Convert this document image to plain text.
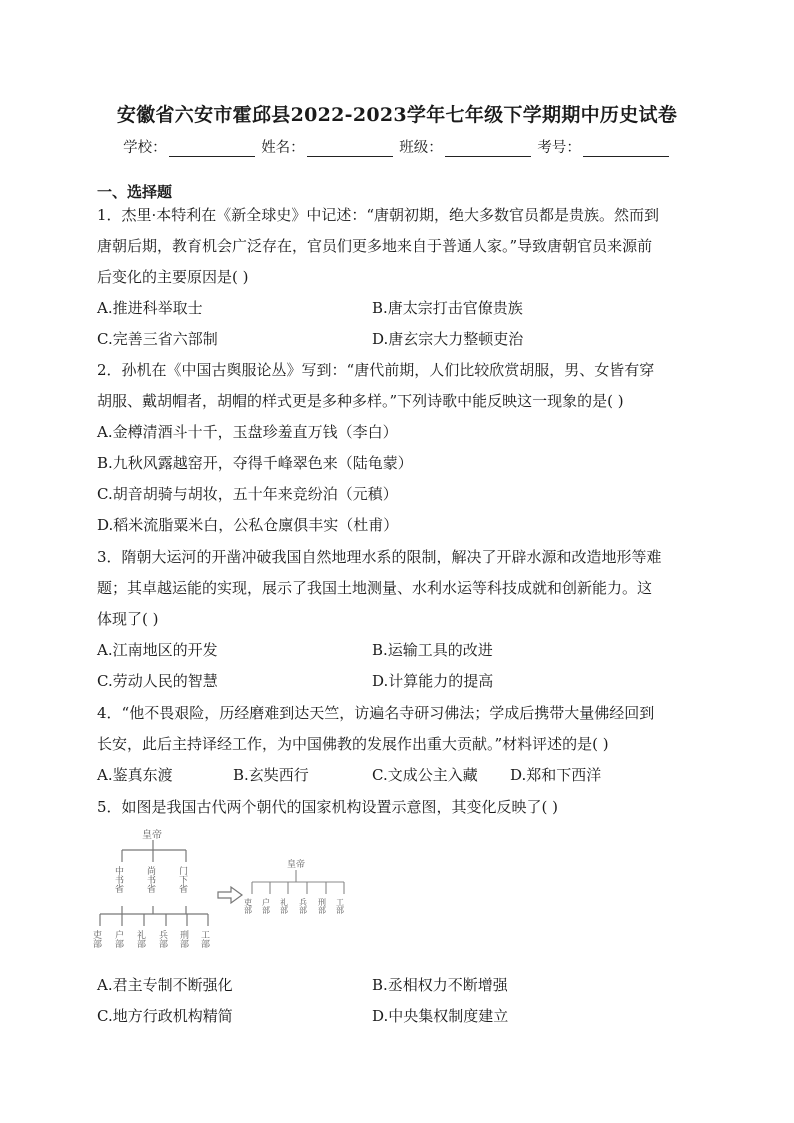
安徽省六安市霍邱县2022-2023学年七年级下学期期中历史试卷
学校：	姓名：	班级：	考号：
一、选择题
1．杰里·本特利在《新全球史》中记述：“唐朝初期，绝大多数官员都是贵族。然而到
唐朝后期，教育机会广泛存在，官员们更多地来自于普通人家。”导致唐朝官员来源前
后变化的主要原因是( )
A.推进科举取士	B.唐太宗打击官僚贵族
C.完善三省六部制	D.唐玄宗大力整顿吏治
2．孙机在《中国古舆服论丛》写到：“唐代前期，人们比较欣赏胡服，男、女皆有穿
胡服、戴胡帽者，胡帽的样式更是多种多样。”下列诗歌中能反映这一现象的是( )
A.金樽清酒斗十千，玉盘珍羞直万钱（李白）
B.九秋风露越窑开，夺得千峰翠色来（陆龟蒙）
C.胡音胡骑与胡妆，五十年来竞纷泊（元稹）
D.稻米流脂粟米白，公私仓廪俱丰实（杜甫）
3．隋朝大运河的开凿冲破我国自然地理水系的限制，解决了开辟水源和改造地形等难
题；其卓越运能的实现，展示了我国土地测量、水利水运等科技成就和创新能力。这
体现了( )
A.江南地区的开发	B.运输工具的改进
C.劳动人民的智慧	D.计算能力的提高
4．“他不畏艰险，历经磨难到达天竺，访遍名寺研习佛法；学成后携带大量佛经回到
长安，此后主持译经工作，为中国佛教的发展作出重大贡献。”材料评述的是( )
A.鉴真东渡	B.玄奘西行	C.文成公主入藏 D.郑和下西洋
5．如图是我国古代两个朝代的国家机构设置示意图，其变化反映了( )
皇帝
中书省 尚书省 门下省
吏部 户部 礼部 兵部 刑部 工部
皇帝
吏部 户部 礼部 兵部 刑部 工部
A.君主专制不断强化	B.丞相权力不断增强
C.地方行政机构精简	D.中央集权制度建立
